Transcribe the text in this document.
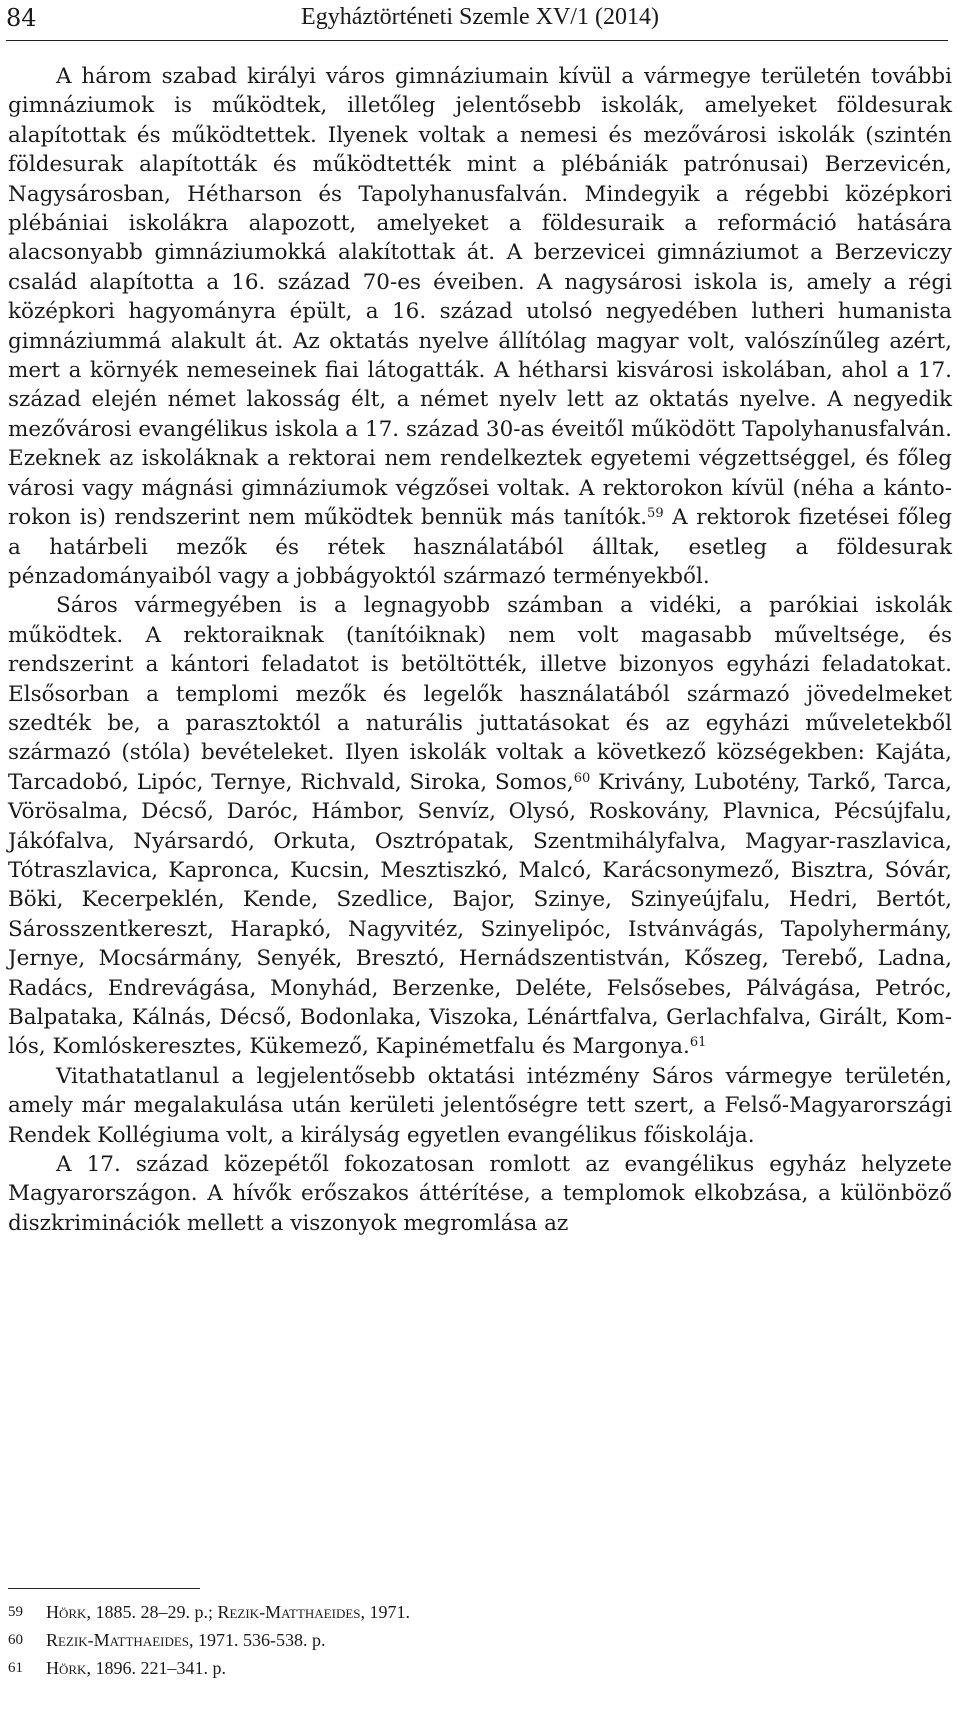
84	Egyháztörténeti Szemle XV/1 (2014)

A három szabad királyi város gimnáziumain kívül a vármegye területén további gimnáziumok is működtek, illetőleg jelentősebb iskolák, amelyeket földesurak alapítottak és működtettek. Ilyenek voltak a nemesi és mezővárosi iskolák (szintén földesurak alapították és működtették mint a plébániák patrónusai) Berzevicén, Nagysárosban, Hétharson és Tapolyhanusfalván. Mindegyik a régebbi középkori plébániai iskolákra alapozott, amelyeket a földesuraik a reformáció hatására alacsonyabb gimnáziumokká alakítottak át. A berzevicei gimnáziumot a Berzeviczy család alapította a 16. század 70-es éveiben. A nagysárosi iskola is, amely a régi középkori hagyományra épült, a 16. század utolsó negyedében lutheri humanista gimnáziummá alakult át. Az oktatás nyelve állítólag magyar volt, valószínűleg azért, mert a környék nemeseinek fiai látogatták. A hétharsi kisvárosi iskolában, ahol a 17. század elején német lakosság élt, a német nyelv lett az oktatás nyelve. A negyedik mezővárosi evangélikus iskola a 17. század 30-as éveitől működött Tapolyhanusfalván. Ezeknek az iskoláknak a rektorai nem rendelkeztek egyetemi végzettséggel, és főleg városi vagy mágnási gimnáziumok végzősei voltak. A rektorokon kívül (néha a kántorokon is) rendszerint nem működtek bennük más tanítók.$^{59}$ A rektorok fizetései főleg a határbeli mezők és rétek használatából álltak, esetleg a földesurak pénzadományaiból vagy a jobbágyoktól származó terményekből.

Sáros vármegyében is a legnagyobb számban a vidéki, a parókiai iskolák működtek. A rektoraiknak (tanítóiknak) nem volt magasabb műveltsége, és rendszerint a kántori feladatot is betöltötték, illetve bizonyos egyházi feladatokat. Elsősorban a templomi mezők és legelők használatából származó jövedelmeket szedték be, a parasztoktól a naturális juttatásokat és az egyházi műveletekből származó (stóla) bevételeket. Ilyen iskolák voltak a következő községekben: Kajáta, Tarcadobó, Lipóc, Ternye, Richvald, Siroka, Somos,$^{60}$ Krivány, Lubotény, Tarkő, Tarca, Vörösalma, Décső, Daróc, Hámbor, Senvíz, Olysó, Roskovány, Plavnica, Pécsújfalu, Jákófalva, Nyársardó, Orkuta, Osztrópatak, Szentmihályfalva, Magyar-raszlavica, Tótraszlavica, Kapronca, Kucsin, Mesztiszkó, Malcó, Karácsonymező, Bisztra, Sóvár, Böki, Kecerpeklén, Kende, Szedlice, Bajor, Szinye, Szinyeújfalu, Hedri, Bertót, Sárosszentkereszt, Harapkó, Nagyvitéz, Szinyelipóc, Istvánvágás, Tapolyhermány, Jernye, Mocsármány, Senyék, Bresztó, Hernádszentistván, Kőszeg, Terebő, Ladna, Radács, Endrevágása, Monyhád, Berzenke, Deléte, Felsősebes, Pálvágása, Petróc, Balpataka, Kálnás, Décső, Bodonlaka, Viszoka, Lénártfalva, Gerlachfalva, Girált, Komlós, Komlóskeresztes, Kükemező, Kapinémetfalu és Margonya.$^{61}$

Vitathatatlanul a legjelentősebb oktatási intézmény Sáros vármegye területén, amely már megalakulása után kerületi jelentőségre tett szert, a Felső-Magyarországi Rendek Kollégiuma volt, a királyság egyetlen evangélikus főiskolája.

A 17. század közepétől fokozatosan romlott az evangélikus egyház helyzete Magyarországon. A hívők erőszakos áttérítése, a templomok elkobzása, a különböző diszkriminációk mellett a viszonyok megromlása az

59	Hörk, 1885. 28–29. p.; Rezik-Matthaeides, 1971.
60	Rezik-Matthaeides, 1971. 536-538. p.
61	Hörk, 1896. 221–341. p.
